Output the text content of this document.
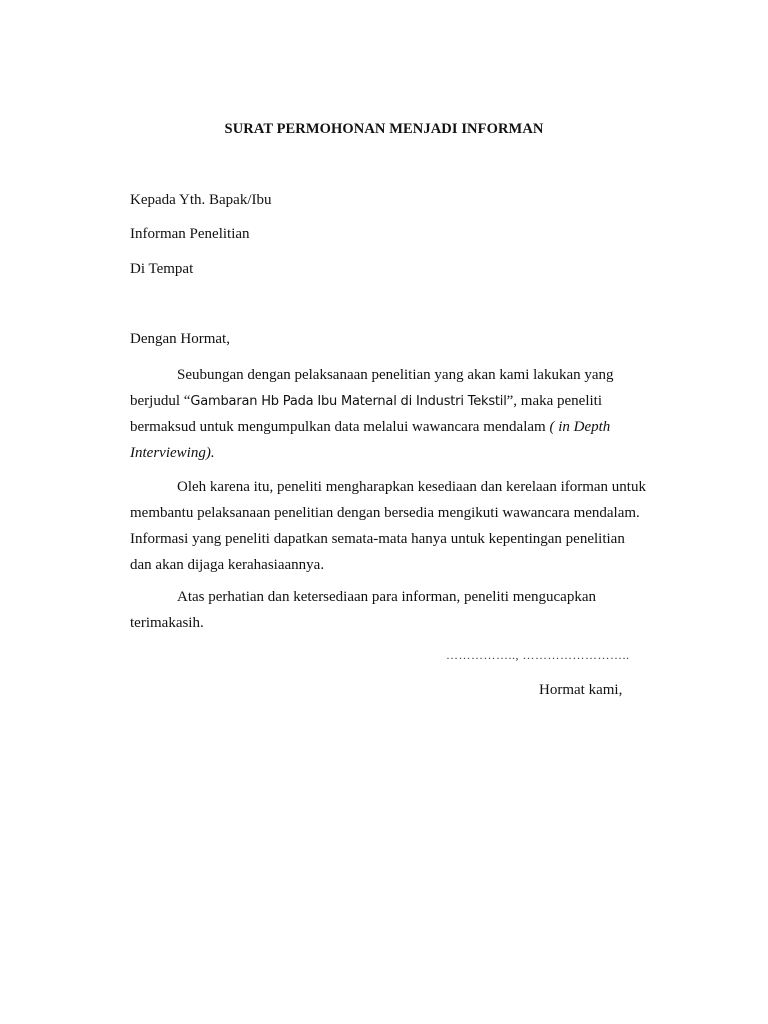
SURAT PERMOHONAN MENJADI INFORMAN
Kepada Yth. Bapak/Ibu
Informan Penelitian
Di Tempat
Dengan Hormat,
Seubungan dengan pelaksanaan penelitian yang akan kami lakukan yang
berjudul “Gambaran Hb Pada Ibu Maternal di Industri Tekstil”, maka peneliti
bermaksud untuk mengumpulkan data melalui wawancara mendalam ( in Depth
Interviewing).
Oleh karena itu, peneliti mengharapkan kesediaan dan kerelaan iforman untuk
membantu pelaksanaan penelitian dengan bersedia mengikuti wawancara mendalam.
Informasi yang peneliti dapatkan semata-mata hanya untuk kepentingan penelitian
dan akan dijaga kerahasiaannya.
Atas perhatian dan ketersediaan para informan, peneliti mengucapkan
terimakasih.
…………….., ……………………..
Hormat kami,
